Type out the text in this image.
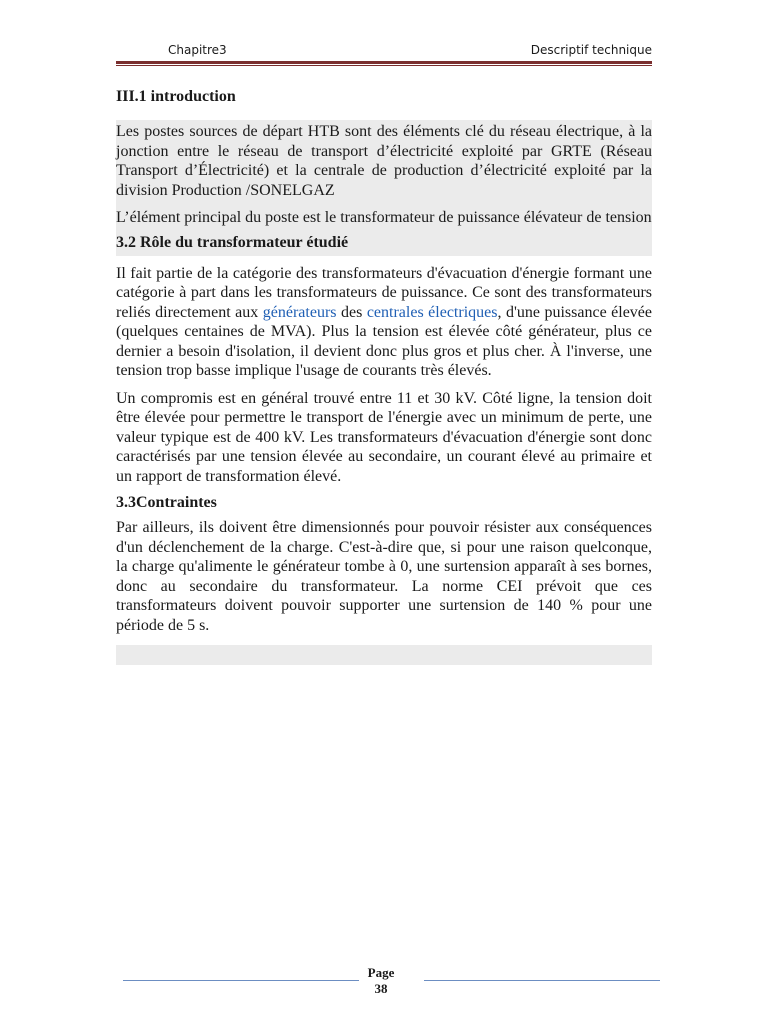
Chapitre3	Descriptif technique
III.1 introduction

Les postes sources de départ HTB sont des éléments clé du réseau électrique, à la jonction entre le réseau de transport d’électricité exploité par GRTE (Réseau Transport d’Électricité) et la centrale de production d’électricité exploité par la division Production /SONELGAZ

L’élément principal du poste est le transformateur de puissance élévateur de tension

3.2 Rôle du transformateur étudié

Il fait partie de la catégorie des transformateurs d'évacuation d'énergie formant une catégorie à part dans les transformateurs de puissance. Ce sont des transformateurs reliés directement aux générateurs des centrales électriques, d'une puissance élevée (quelques centaines de MVA). Plus la tension est élevée côté générateur, plus ce dernier a besoin d'isolation, il devient donc plus gros et plus cher. À l'inverse, une tension trop basse implique l'usage de courants très élevés.

Un compromis est en général trouvé entre 11 et 30 kV. Côté ligne, la tension doit être élevée pour permettre le transport de l'énergie avec un minimum de perte, une valeur typique est de 400 kV. Les transformateurs d'évacuation d'énergie sont donc caractérisés par une tension élevée au secondaire, un courant élevé au primaire et un rapport de transformation élevé.

3.3Contraintes

Par ailleurs, ils doivent être dimensionnés pour pouvoir résister aux conséquences d'un déclenchement de la charge. C'est-à-dire que, si pour une raison quelconque, la charge qu'alimente le générateur tombe à 0, une surtension apparaît à ses bornes, donc au secondaire du transformateur. La norme CEI prévoit que ces transformateurs doivent pouvoir supporter une surtension de 140 % pour une période de 5 s.

Page
38
